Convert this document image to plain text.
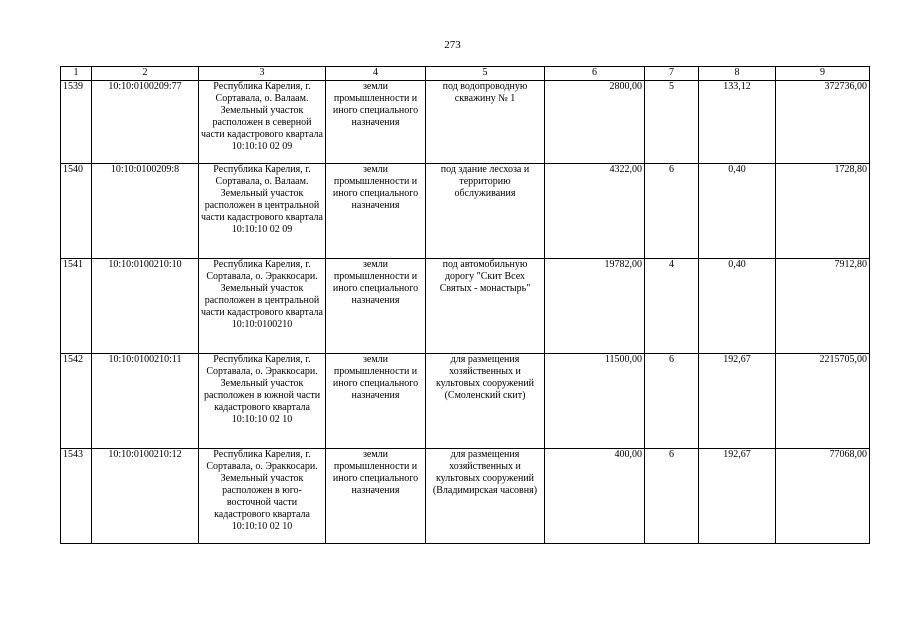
273
1	2	3	4	5	6	7	8	9
1539	10:10:0100209:77	Республика Карелия, г. Сортавала, о. Валаам. Земельный участок расположен в северной части кадастрового квартала 10:10:10 02 09	земли промышленности и иного специального назначения	под водопроводную скважину № 1	2800,00	5	133,12	372736,00
1540	10:10:0100209:8	Республика Карелия, г. Сортавала, о. Валаам. Земельный участок расположен в центральной части кадастрового квартала 10:10:10 02 09	земли промышленности и иного специального назначения	под здание лесхоза и территорию обслуживания	4322,00	6	0,40	1728,80
1541	10:10:0100210:10	Республика Карелия, г. Сортавала, о. Эраккосари. Земельный участок расположен в центральной части кадастрового квартала 10:10:0100210	земли промышленности и иного специального назначения	под автомобильную дорогу "Скит Всех Святых - монастырь"	19782,00	4	0,40	7912,80
1542	10:10:0100210:11	Республика Карелия, г. Сортавала, о. Эраккосари. Земельный участок расположен в южной части кадастрового квартала 10:10:10 02 10	земли промышленности и иного специального назначения	для размещения хозяйственных и культовых сооружений (Смоленский скит)	11500,00	6	192,67	2215705,00
1543	10:10:0100210:12	Республика Карелия, г. Сортавала, о. Эраккосари. Земельный участок расположен в юго-восточной части кадастрового квартала 10:10:10 02 10	земли промышленности и иного специального назначения	для размещения хозяйственных и культовых сооружений (Владимирская часовня)	400,00	6	192,67	77068,00
